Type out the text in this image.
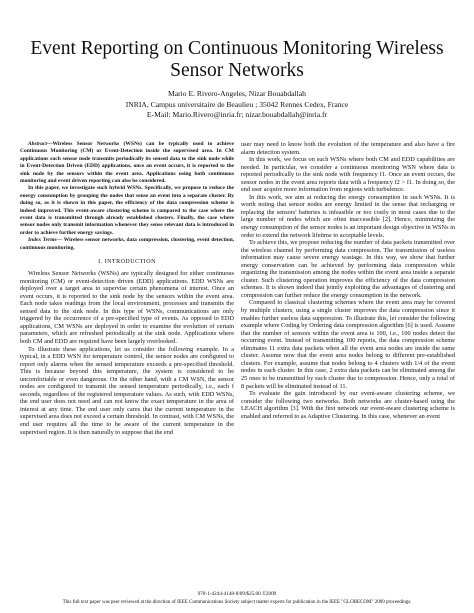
Event Reporting on Continuous Monitoring Wireless
Sensor Networks
Mario E. Rivero-Angeles, Nizar Bouabdallah
INRIA, Campus universitaire de Beaulieu ; 35042 Rennes Cedex, France
E-Mail: Mario.Rivero@inria.fr; nizar.bouabdallah@inria.fr

Abstract—Wireless Sensor Networks (WSNs) can be typically used to achieve Continuous Monitoring (CM) or Event-Detection inside the supervised area. In CM applications each sensor node transmits periodically its sensed data to the sink node while in Event-Detection Driven (EDD) applications, once an event occurs, it is reported to the sink node by the sensors within the event area. Applications using both continuous monitoring and event driven reporting can also be considered.

In this paper, we investigate such hybrid WSNs. Specifically, we propose to reduce the energy consumption by grouping the nodes that sense an event into a separate cluster. By doing so, as it is shown in this paper, the efficiency of the data compression scheme is indeed improved. This event-aware clustering scheme is compared to the case where the event data is transmitted through already established clusters. Finally, the case where sensor nodes only transmit information whenever they sense relevant data is introduced in order to achieve further energy savings.

Index Terms— Wireless sensor networks, data compression, clustering, event detection, continuous monitoring.

I. INTRODUCTION

Wireless Sensor Networks (WSNs) are typically designed for either continuous monitoring (CM) or event-detection driven (EDD) applications. EDD WSNs are deployed over a target area to supervise certain phenomena of interest. Once an event occurs, it is reported to the sink node by the sensors within the event area. Each node takes readings from the local environment, processes and transmits the sensed data to the sink node. In this type of WSNs, communications are only triggered by the occurrence of a pre-specified type of events. As opposed to EDD applications, CM WSNs are deployed in order to examine the evolution of certain parameters, which are refreshed periodically at the sink node. Applications where both CM and EDD are required have been largely overlooked.

To illustrate these applications, let us consider the following example. In a typical, in a EDD WSN for temperature control, the sensor nodes are configured to report only alarms when the sensed temperature exceeds a pre-specified threshold. This is because beyond this temperature, the system is considered to be uncomfortable or even dangerous. On the other hand, with a CM WSN, the sensor nodes are configured to transmit the sensed temperature periodically, i.e., each f seconds, regardless of the registered temperature values. As such, with EDD WSNs, the end user does not need and can not know the exact temperature in the area of interest at any time. The end user only cares that the current temperature in the supervised area does not exceed a certain threshold. In contrast, with CM WSNs, the end user requires all the time to be aware of the current temperature in the supervised region. It is then naturally to suppose that the end

user may need to know both the evolution of the temperature and also have a fire alarm detection system.

In this work, we focus on such WSNs where both CM and EDD capabilities are needed. In particular, we consider a continuous monitoring WSN where data is reported periodically to the sink node with frequency f1. Once an event occurs, the sensor nodes in the event area reports data with a frequency f2 > f1. In doing so, the end user acquire more information from regions with turbulence.

In this work, we aim at reducing the energy consumption in such WSNs. It is worth noting that sensor nodes are energy limited in the sense that recharging or replacing the sensors' batteries is infeasible or too costly in most cases due to the large number of nodes which are often inaccessible [2]. Hence, minimizing the energy consumption of the sensor nodes is an important design objective in WSNs in order to extend the network lifetime to acceptable levels.

To achieve this, we propose reducing the number of data packets transmitted over the wireless channel by performing data compression. The transmission of useless information may cause severe energy wastage. In this way, we show that further energy conservation can be achieved by performing data compression while organizing the transmission among the nodes within the event area inside a separate cluster. Such clustering operation improves the efficiency of the data compression schemes. It is shown indeed that jointly exploiting the advantages of clustering and compression can further reduce the energy consumption in the network.

Compared to classical clustering schemes where the event area may be covered by multiple clusters, using a single cluster improves the data compression since it enables further useless data suppression. To illustrate this, let consider the following example where Coding by Ordering data compression algorithm [6] is used. Assume that the number of sensors within the event area is 100, i.e., 100 nodes detect the occurring event. Instead of transmitting 100 reports, the data compression scheme eliminates 11 extra data packets when all the event area nodes are inside the same cluster. Assume now that the event area nodes belong to different pre-established clusters. For example, assume that nodes belong to 4 clusters with 1/4 of the event nodes in each cluster. In this case, 2 extra data packets can be eliminated among the 25 ones to be transmitted by each cluster due to compression. Hence, only a total of 8 packets will be eliminated instead of 11.

To evaluate the gain introduced by our event-aware clustering scheme, we consider the following two networks. Both networks are cluster-based using the LEACH algorithm [3]. With the first network our event-aware clustering scheme is enabled and referred to as Adaptive Clustering. In this case, whenever an event

978-1-4244-4148-8/09/$25.00 ©2009
This full text paper was peer reviewed at the direction of IEEE Communications Society subject matter experts for publication in the IEEE "GLOBECOM" 2009 proceedings.
